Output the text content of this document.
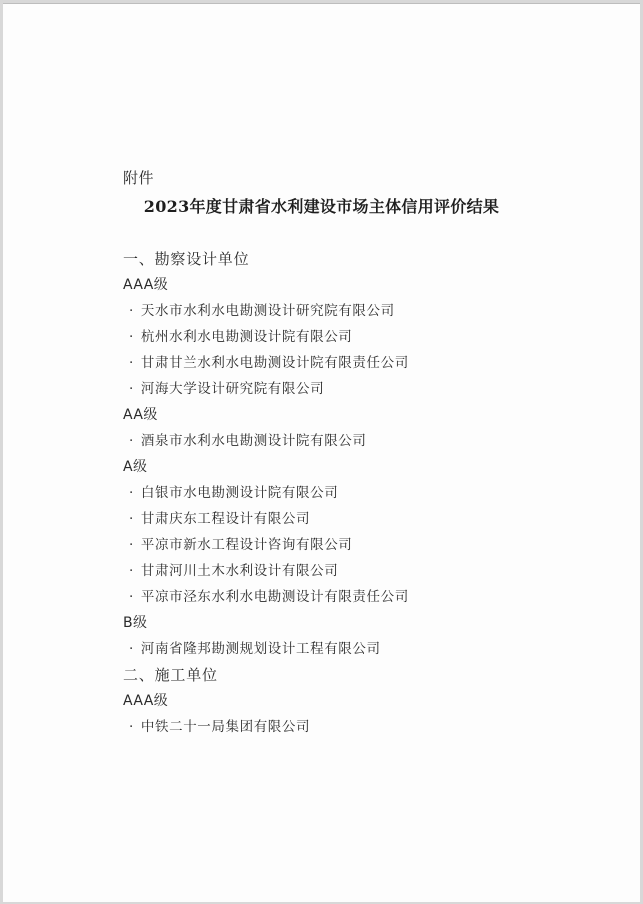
附件
2023年度甘肃省水利建设市场主体信用评价结果
一、勘察设计单位
AAA级
· 天水市水利水电勘测设计研究院有限公司
· 杭州水利水电勘测设计院有限公司
· 甘肃甘兰水利水电勘测设计院有限责任公司
· 河海大学设计研究院有限公司
AA级
· 酒泉市水利水电勘测设计院有限公司
A级
· 白银市水电勘测设计院有限公司
· 甘肃庆东工程设计有限公司
· 平凉市新水工程设计咨询有限公司
· 甘肃河川土木水利设计有限公司
· 平凉市泾东水利水电勘测设计有限责任公司
B级
· 河南省隆邦勘测规划设计工程有限公司
二、施工单位
AAA级
· 中铁二十一局集团有限公司
